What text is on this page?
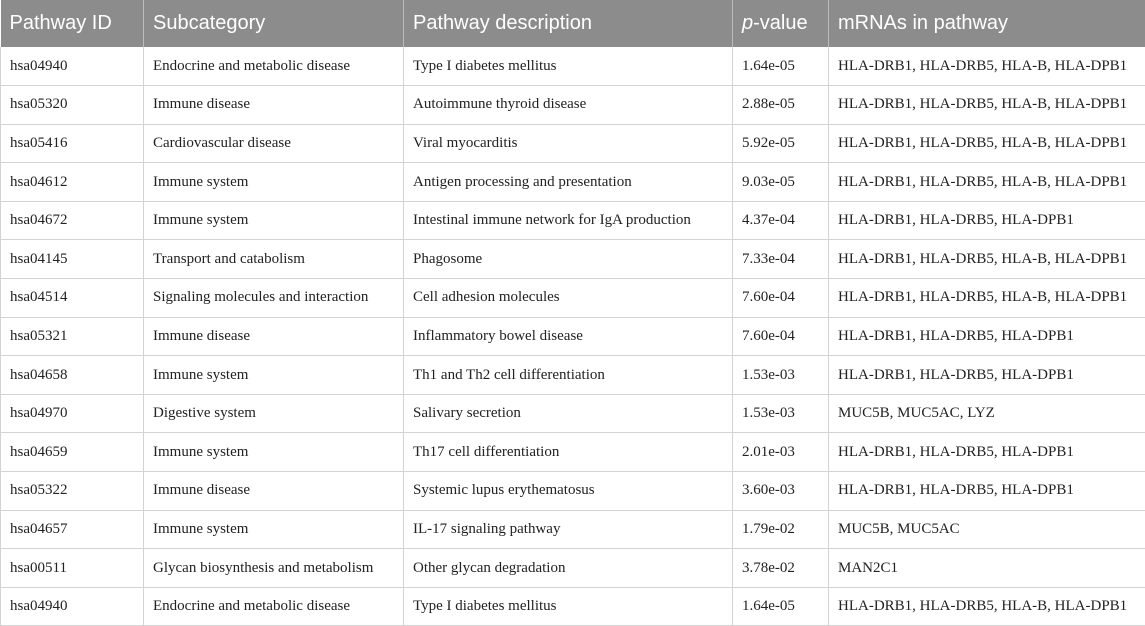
Pathway ID	Subcategory	Pathway description	p-value	mRNAs in pathway
hsa04940	Endocrine and metabolic disease	Type I diabetes mellitus	1.64e-05	HLA-DRB1, HLA-DRB5, HLA-B, HLA-DPB1
hsa05320	Immune disease	Autoimmune thyroid disease	2.88e-05	HLA-DRB1, HLA-DRB5, HLA-B, HLA-DPB1
hsa05416	Cardiovascular disease	Viral myocarditis	5.92e-05	HLA-DRB1, HLA-DRB5, HLA-B, HLA-DPB1
hsa04612	Immune system	Antigen processing and presentation	9.03e-05	HLA-DRB1, HLA-DRB5, HLA-B, HLA-DPB1
hsa04672	Immune system	Intestinal immune network for IgA production	4.37e-04	HLA-DRB1, HLA-DRB5, HLA-DPB1
hsa04145	Transport and catabolism	Phagosome	7.33e-04	HLA-DRB1, HLA-DRB5, HLA-B, HLA-DPB1
hsa04514	Signaling molecules and interaction	Cell adhesion molecules	7.60e-04	HLA-DRB1, HLA-DRB5, HLA-B, HLA-DPB1
hsa05321	Immune disease	Inflammatory bowel disease	7.60e-04	HLA-DRB1, HLA-DRB5, HLA-DPB1
hsa04658	Immune system	Th1 and Th2 cell differentiation	1.53e-03	HLA-DRB1, HLA-DRB5, HLA-DPB1
hsa04970	Digestive system	Salivary secretion	1.53e-03	MUC5B, MUC5AC, LYZ
hsa04659	Immune system	Th17 cell differentiation	2.01e-03	HLA-DRB1, HLA-DRB5, HLA-DPB1
hsa05322	Immune disease	Systemic lupus erythematosus	3.60e-03	HLA-DRB1, HLA-DRB5, HLA-DPB1
hsa04657	Immune system	IL-17 signaling pathway	1.79e-02	MUC5B, MUC5AC
hsa00511	Glycan biosynthesis and metabolism	Other glycan degradation	3.78e-02	MAN2C1
hsa04940	Endocrine and metabolic disease	Type I diabetes mellitus	1.64e-05	HLA-DRB1, HLA-DRB5, HLA-B, HLA-DPB1
